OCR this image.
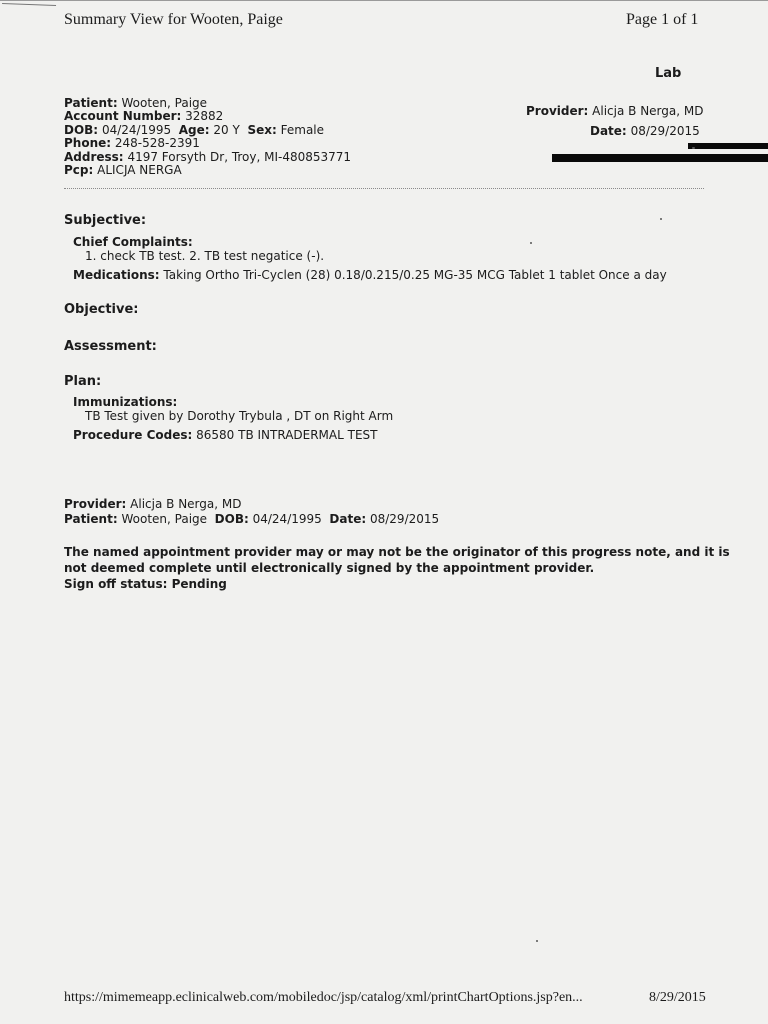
Summary View for Wooten, Paige	Page 1 of 1
Lab
Patient: Wooten, Paige
Account Number: 32882
DOB: 04/24/1995 Age: 20 Y Sex: Female
Phone: 248-528-2391
Address: 4197 Forsyth Dr, Troy, MI-480853771
Pcp: ALICJA NERGA
Provider: Alicja B Nerga, MD
Date: 08/29/2015
Subjective:
Chief Complaints:
1. check TB test. 2. TB test negatice (-).
Medications: Taking Ortho Tri-Cyclen (28) 0.18/0.215/0.25 MG-35 MCG Tablet 1 tablet Once a day
Objective:
Assessment:
Plan:
Immunizations:
TB Test given by Dorothy Trybula , DT on Right Arm
Procedure Codes: 86580 TB INTRADERMAL TEST
Provider: Alicja B Nerga, MD
Patient: Wooten, Paige DOB: 04/24/1995 Date: 08/29/2015
The named appointment provider may or may not be the originator of this progress note, and it is
not deemed complete until electronically signed by the appointment provider.
Sign off status: Pending
https://mimemeapp.eclinicalweb.com/mobiledoc/jsp/catalog/xml/printChartOptions.jsp?en...	8/29/2015
